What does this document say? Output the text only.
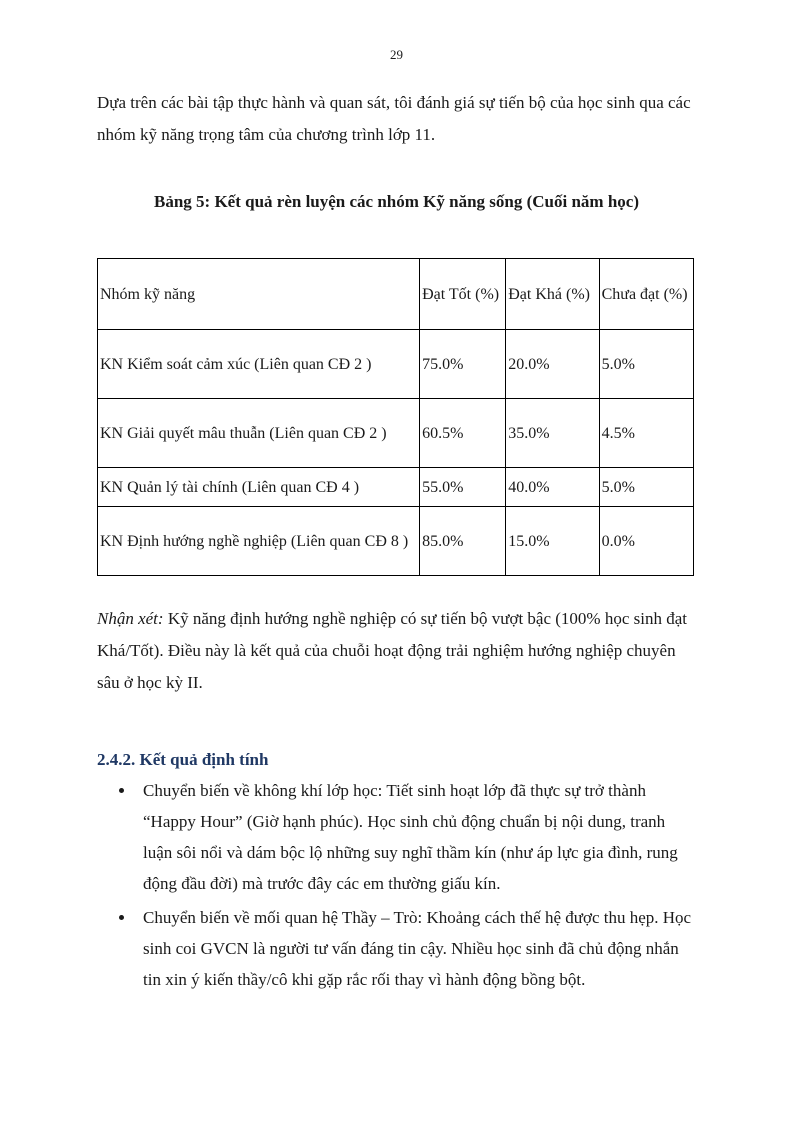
29

Dựa trên các bài tập thực hành và quan sát, tôi đánh giá sự tiến bộ của học sinh qua các nhóm kỹ năng trọng tâm của chương trình lớp 11.

Bảng 5: Kết quả rèn luyện các nhóm Kỹ năng sống (Cuối năm học)
Nhóm kỹ năng	Đạt Tốt (%)	Đạt Khá (%)	Chưa đạt (%)
KN Kiểm soát cảm xúc (Liên quan CĐ 2 )	75.0%	20.0%	5.0%
KN Giải quyết mâu thuẫn (Liên quan CĐ 2 )	60.5%	35.0%	4.5%
KN Quản lý tài chính (Liên quan CĐ 4 )	55.0%	40.0%	5.0%
KN Định hướng nghề nghiệp (Liên quan CĐ 8 )	85.0%	15.0%	0.0%

Nhận xét: Kỹ năng định hướng nghề nghiệp có sự tiến bộ vượt bậc (100% học sinh đạt Khá/Tốt). Điều này là kết quả của chuỗi hoạt động trải nghiệm hướng nghiệp chuyên sâu ở học kỳ II.

2.4.2. Kết quả định tính
Chuyển biến về không khí lớp học: Tiết sinh hoạt lớp đã thực sự trở thành “Happy Hour” (Giờ hạnh phúc). Học sinh chủ động chuẩn bị nội dung, tranh luận sôi nổi và dám bộc lộ những suy nghĩ thầm kín (như áp lực gia đình, rung động đầu đời) mà trước đây các em thường giấu kín.
Chuyển biến về mối quan hệ Thầy – Trò: Khoảng cách thế hệ được thu hẹp. Học sinh coi GVCN là người tư vấn đáng tin cậy. Nhiều học sinh đã chủ động nhắn tin xin ý kiến thầy/cô khi gặp rắc rối thay vì hành động bồng bột.
